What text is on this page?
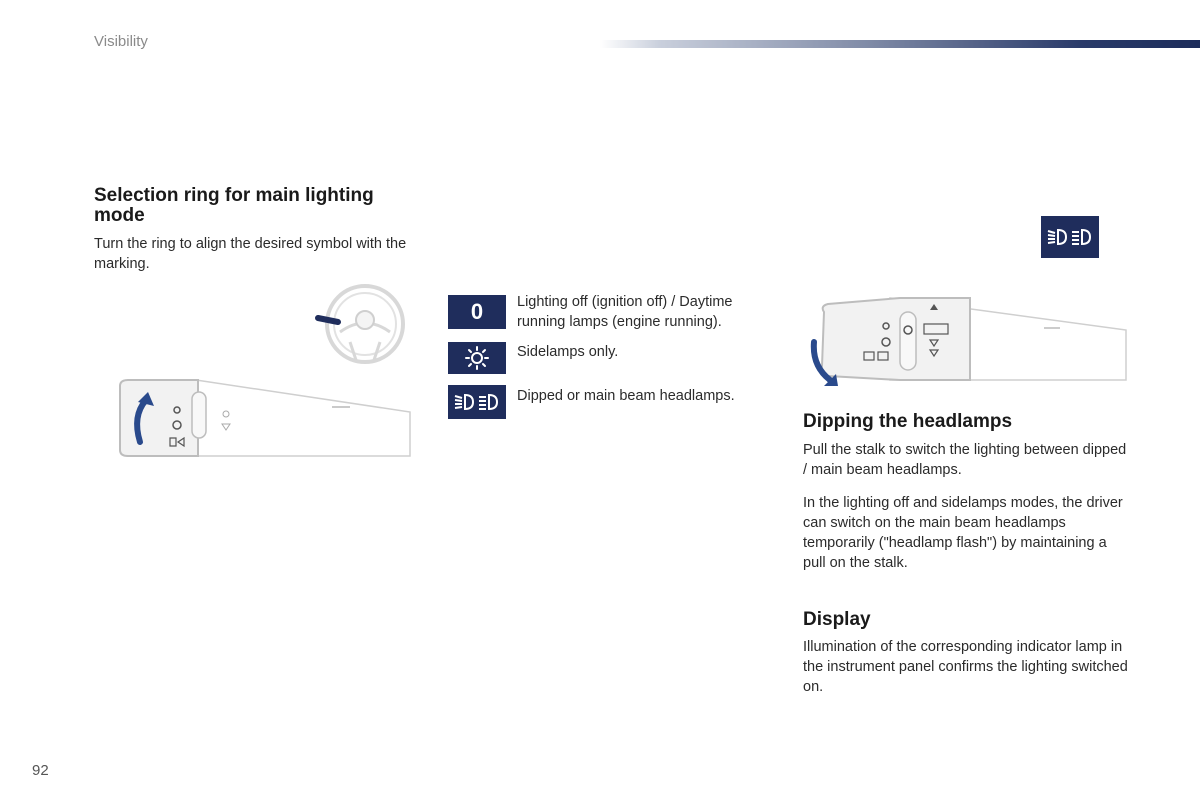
Visibility
Selection ring for main lighting mode

Turn the ring to align the desired symbol with the marking.

0 Lighting off (ignition off) / Daytime running lamps (engine running).
Sidelamps only.
Dipped or main beam headlamps.
Dipping the headlamps

Pull the stalk to switch the lighting between dipped / main beam headlamps.

In the lighting off and sidelamps modes, the driver can switch on the main beam headlamps temporarily ("headlamp flash") by maintaining a pull on the stalk.

Display

Illumination of the corresponding indicator lamp in the instrument panel confirms the lighting switched on.

92
